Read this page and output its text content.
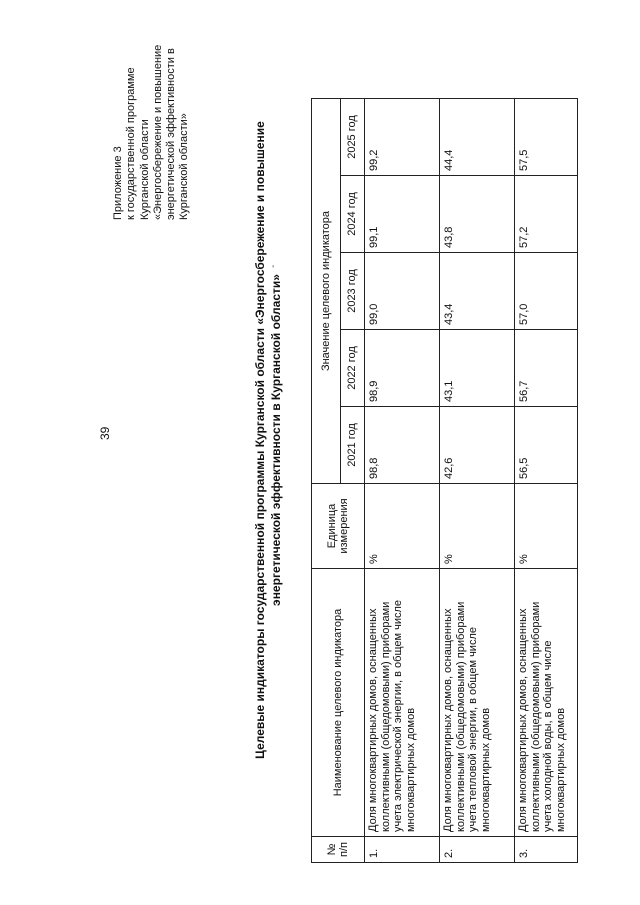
39
Приложение 3 к государственной программе Курганской области «Энергосбережение и повышение энергетической эффективности в Курганской области»	Целевые индикаторы государственной программы Курганской области «Энергосбережение и повышение энергетической эффективности в Курганской области»
№ п/п	Наименование целевого индикатора	Единица измерения	Значение целевого индикатора				
			2021 год	2022 год	2023 год	2024 год	2025 год
1.	Доля многоквартирных домов, оснащенных коллективными (общедомовыми) приборами учета электрической энергии, в общем числе многоквартирных домов	%	98,8	98,9	99,0	99,1	99,2
2.	Доля многоквартирных домов, оснащенных коллективными (общедомовыми) приборами учета тепловой энергии, в общем числе многоквартирных домов	%	42,6	43,1	43,4	43,8	44,4
3.	Доля многоквартирных домов, оснащенных коллективными (общедомовыми) приборами учета холодной воды, в общем числе многоквартирных домов	%	56,5	56,7	57,0	57,2	57,5
-
